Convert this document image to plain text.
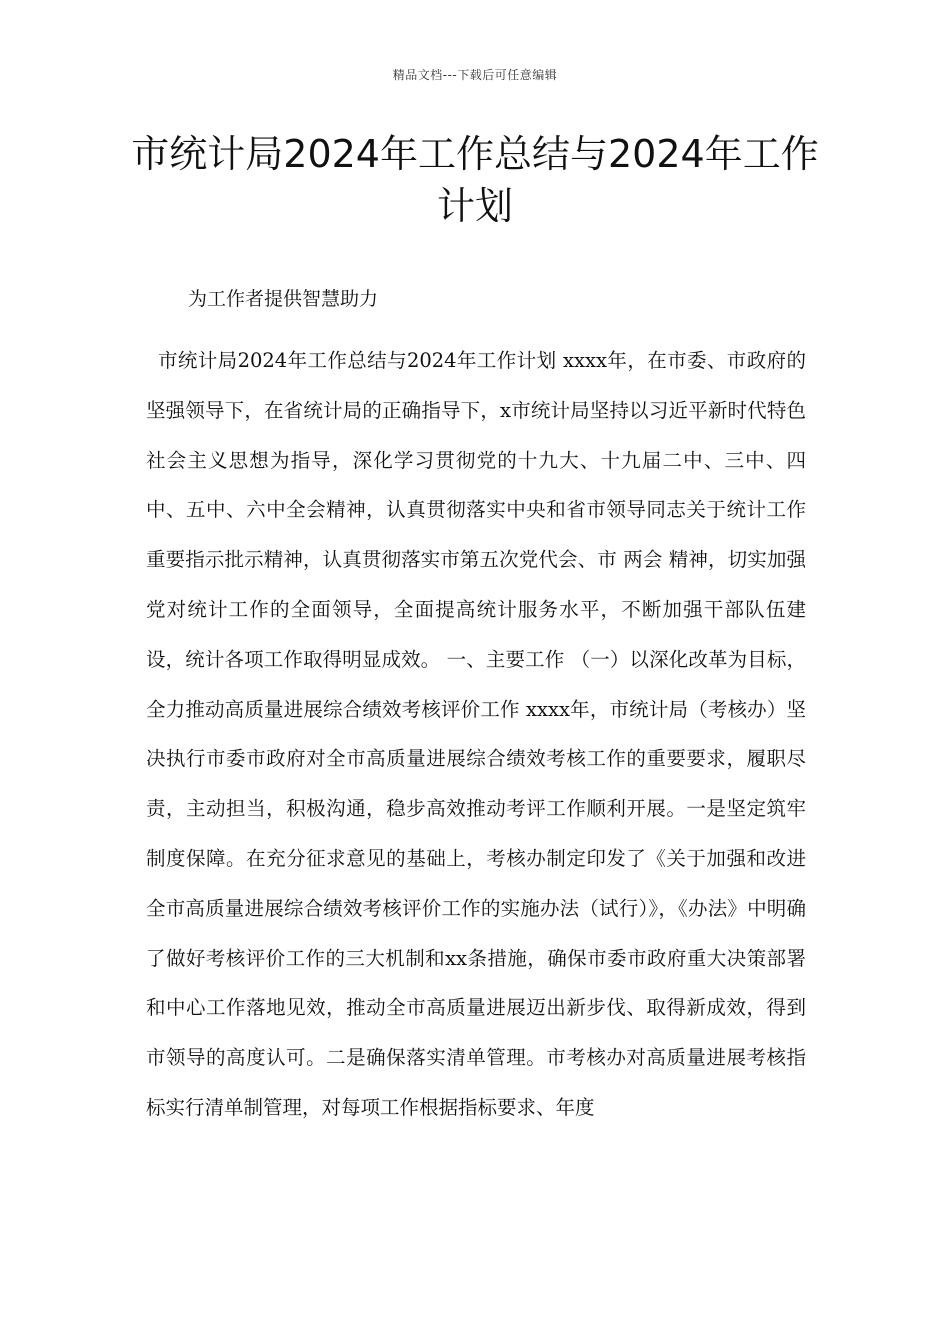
精品文档---下载后可任意编辑
市统计局2024年工作总结与2024年工作计划

为工作者提供智慧助力

市统计局2024年工作总结与2024年工作计划 xxxx年，在市委、市政府的坚强领导下，在省统计局的正确指导下，x市统计局坚持以习近平新时代特色社会主义思想为指导，深化学习贯彻党的十九大、十九届二中、三中、四中、五中、六中全会精神，认真贯彻落实中央和省市领导同志关于统计工作重要指示批示精神，认真贯彻落实市第五次党代会、市 两会 精神，切实加强党对统计工作的全面领导，全面提高统计服务水平，不断加强干部队伍建设，统计各项工作取得明显成效。 一、主要工作 （一）以深化改革为目标，全力推动高质量进展综合绩效考核评价工作 xxxx年，市统计局（考核办）坚决执行市委市政府对全市高质量进展综合绩效考核工作的重要要求，履职尽责，主动担当，积极沟通，稳步高效推动考评工作顺利开展。一是坚定筑牢制度保障。在充分征求意见的基础上，考核办制定印发了《关于加强和改进全市高质量进展综合绩效考核评价工作的实施办法（试行）》，《办法》中明确了做好考核评价工作的三大机制和xx条措施，确保市委市政府重大决策部署和中心工作落地见效，推动全市高质量进展迈出新步伐、取得新成效，得到市领导的高度认可。二是确保落实清单管理。市考核办对高质量进展考核指标实行清单制管理，对每项工作根据指标要求、年度
